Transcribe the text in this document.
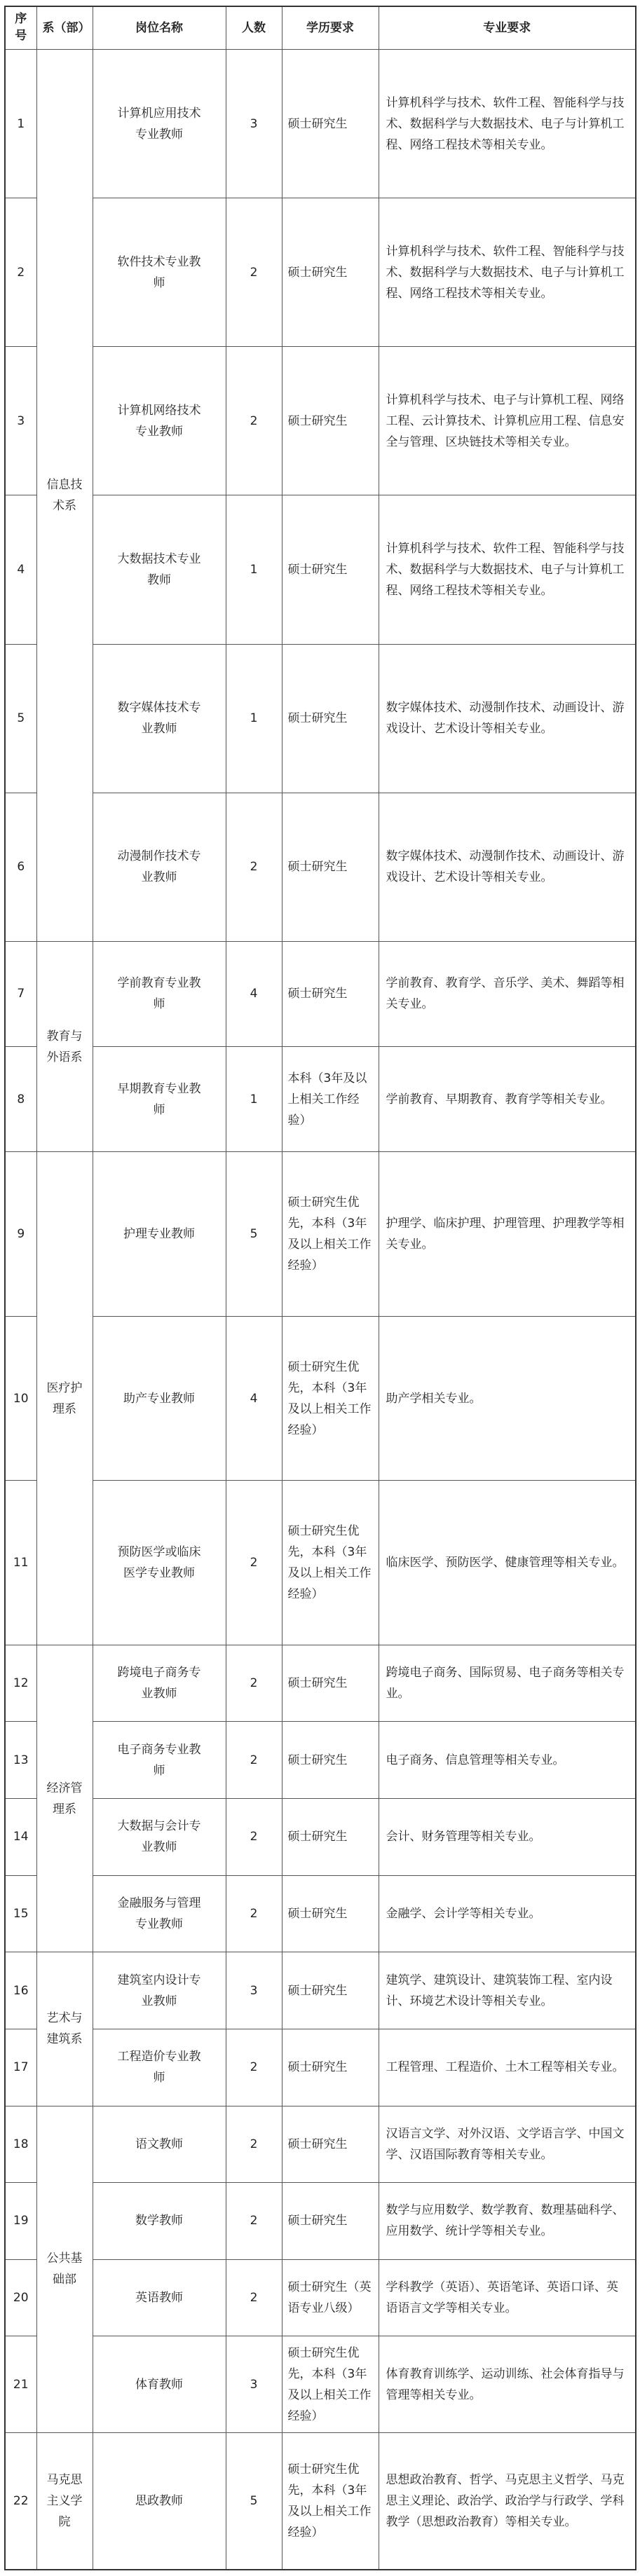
序号	系（部）	岗位名称	人数	学历要求	专业要求
1	信息技术系	计算机应用技术专业教师	3	硕士研究生	计算机科学与技术、软件工程、智能科学与技术、数据科学与大数据技术、电子与计算机工程、网络工程技术等相关专业。
2		软件技术专业教师	2	硕士研究生	计算机科学与技术、软件工程、智能科学与技术、数据科学与大数据技术、电子与计算机工程、网络工程技术等相关专业。
3		计算机网络技术专业教师	2	硕士研究生	计算机科学与技术、电子与计算机工程、网络工程、云计算技术、计算机应用工程、信息安全与管理、区块链技术等相关专业。
4		大数据技术专业教师	1	硕士研究生	计算机科学与技术、软件工程、智能科学与技术、数据科学与大数据技术、电子与计算机工程、网络工程技术等相关专业。
5		数字媒体技术专业教师	1	硕士研究生	数字媒体技术、动漫制作技术、动画设计、游戏设计、艺术设计等相关专业。
6		动漫制作技术专业教师	2	硕士研究生	数字媒体技术、动漫制作技术、动画设计、游戏设计、艺术设计等相关专业。
7	教育与外语系	学前教育专业教师	4	硕士研究生	学前教育、教育学、音乐学、美术、舞蹈等相关专业。
8		早期教育专业教师	1	本科（3年及以上相关工作经验）	学前教育、早期教育、教育学等相关专业。
9	医疗护理系	护理专业教师	5	硕士研究生优先，本科（3年及以上相关工作经验）	护理学、临床护理、护理管理、护理教学等相关专业。
10		助产专业教师	4	硕士研究生优先，本科（3年及以上相关工作经验）	助产学相关专业。
11		预防医学或临床医学专业教师	2	硕士研究生优先，本科（3年及以上相关工作经验）	临床医学、预防医学、健康管理等相关专业。
12	经济管理系	跨境电子商务专业教师	2	硕士研究生	跨境电子商务、国际贸易、电子商务等相关专业。
13		电子商务专业教师	2	硕士研究生	电子商务、信息管理等相关专业。
14		大数据与会计专业教师	2	硕士研究生	会计、财务管理等相关专业。
15		金融服务与管理专业教师	2	硕士研究生	金融学、会计学等相关专业。
16	艺术与建筑系	建筑室内设计专业教师	3	硕士研究生	建筑学、建筑设计、建筑装饰工程、室内设计、环境艺术设计等相关专业。
17		工程造价专业教师	2	硕士研究生	工程管理、工程造价、土木工程等相关专业。
18	公共基础部	语文教师	2	硕士研究生	汉语言文学、对外汉语、文学语言学、中国文学、汉语国际教育等相关专业。
19		数学教师	2	硕士研究生	数学与应用数学、数学教育、数理基础科学、应用数学、统计学等相关专业。
20		英语教师	2	硕士研究生（英语专业八级）	学科教学（英语）、英语笔译、英语口译、英语语言文学等相关专业。
21		体育教师	3	硕士研究生优先，本科（3年及以上相关工作经验）	体育教育训练学、运动训练、社会体育指导与管理等相关专业。
22	马克思主义学院	思政教师	5	硕士研究生优先，本科（3年及以上相关工作经验）	思想政治教育、哲学、马克思主义哲学、马克思主义理论、政治学、政治学与行政学、学科教学（思想政治教育）等相关专业。
